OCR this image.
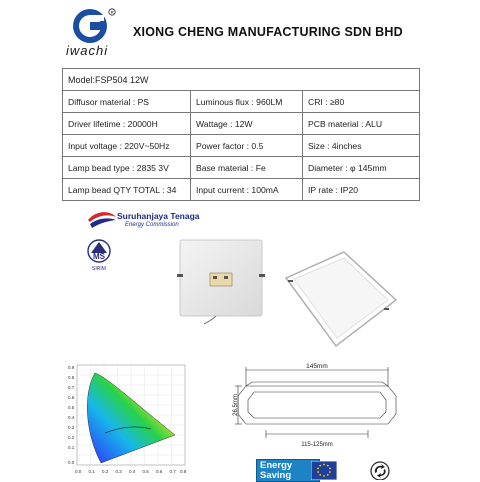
R
iwachi
XIONG CHENG MANUFACTURING SDN BHD
Model:FSP504 12W		
Diffusor material : PS	Luminous flux : 960LM	CRI : ≥80
Driver lifetime : 20000H	Wattage : 12W	PCB material : ALU
Input voltage : 220V~50Hz	Power factor : 0.5	Size : 4inches
Lamp bead type : 2835 3V	Base material : Fe	Diameter : φ 145mm
Lamp bead QTY TOTAL : 34	Input current : 100mA	IP rate : IP20
Suruhanjaya Tenaga
Energy Commission
MS
SIRIM
0.9
0.8
0.7
0.6
0.5
0.4
0.3
0.2
0.1
0.0
0.0 0.1 0.2 0.3 0.4 0.5 0.6 0.7 0.8
145mm
26.5mm
115-125mm
Energy
Saving
